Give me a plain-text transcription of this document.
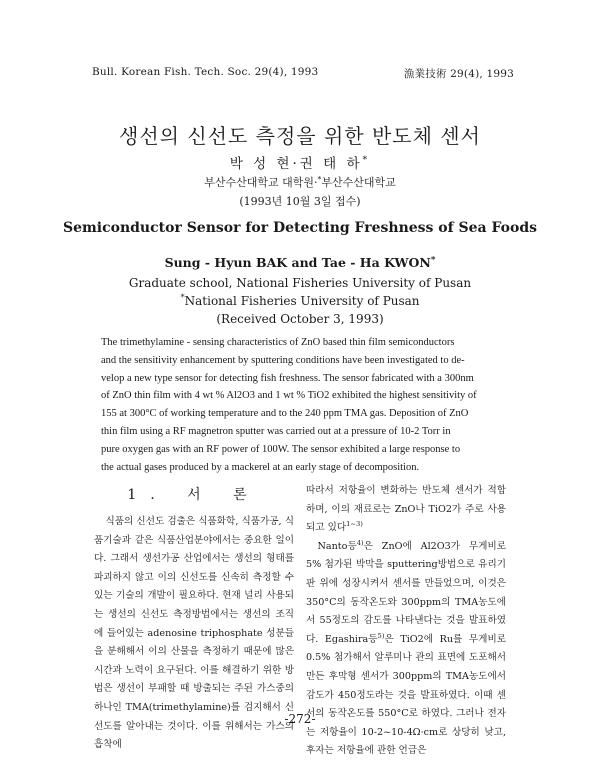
Bull. Korean Fish. Tech. Soc. 29(4), 1993	漁業技術 29(4), 1993
생선의 신선도 측정을 위한 반도체 센서
박 성 현·권 태 하*
부산수산대학교 대학원·*부산수산대학교
(1993년 10월 3일 접수)
Semiconductor Sensor for Detecting Freshness of Sea Foods
Sung - Hyun BAK and Tae - Ha KWON*
Graduate school, National Fisheries University of Pusan
*National Fisheries University of Pusan
(Received October 3, 1993)
The trimethylamine - sensing characteristics of ZnO based thin film semiconductors
and the sensitivity enhancement by sputtering conditions have been investigated to de-
velop a new type sensor for detecting fish freshness. The sensor fabricated with a 300nm
of ZnO thin film with 4 wt % Al2O3 and 1 wt % TiO2 exhibited the highest sensitivity of
155 at 300°C of working temperature and to the 240 ppm TMA gas. Deposition of ZnO
thin film using a RF magnetron sputter was carried out at a pressure of 10-2 Torr in
pure oxygen gas with an RF power of 100W. The sensor exhibited a large response to
the actual gases produced by a mackerel at an early stage of decomposition.
1. 서 론
식품의 신선도 검출은 식품화학, 식품가공, 식품기술과 같은 식품산업분야에서는 중요한 일이다. 그래서 생선가공 산업에서는 생선의 형태를 파괴하지 않고 이의 신선도를 신속히 측정할 수 있는 기술의 개발이 필요하다. 현재 널리 사용되는 생선의 신선도 측정방법에서는 생선의 조직에 들어있는 adenosine triphosphate 성분들을 분해해서 이의 산물을 측정하기 때문에 많은 시간과 노력이 요구된다. 이를 해결하기 위한 방법은 생선이 부패할 때 방출되는 주된 가스중의 하나인 TMA(trimethylamine)를 검지해서 신선도를 알아내는 것이다. 이를 위해서는 가스의 흡착에
따라서 저항율이 변화하는 반도체 센서가 적합하며, 이의 재료로는 ZnO나 TiO2가 주로 사용되고 있다$^{1\sim 3)}$
Nanto등$^{4)}$은 ZnO에 Al2O3가 무게비로 5% 첨가된 박막을 sputtering방법으로 유리기판 위에 성장시켜서 센서를 만들었으며, 이것은 350°C의 동작온도와 300ppm의 TMA농도에서 55정도의 감도를 나타낸다는 것을 발표하였다. Egashira등$^{5)}$은 TiO2에 Ru를 무게비로 0.5% 첨가해서 알루미나 관의 표면에 도포해서 만든 후막형 센서가 300ppm의 TMA농도에서 감도가 450정도라는 것을 발표하였다. 이때 센서의 동작온도를 550°C로 하였다. 그러나 전자는 저항율이 10-2~10-4Ω·cm로 상당히 낮고, 후자는 저항율에 관한 언급은
-272-
